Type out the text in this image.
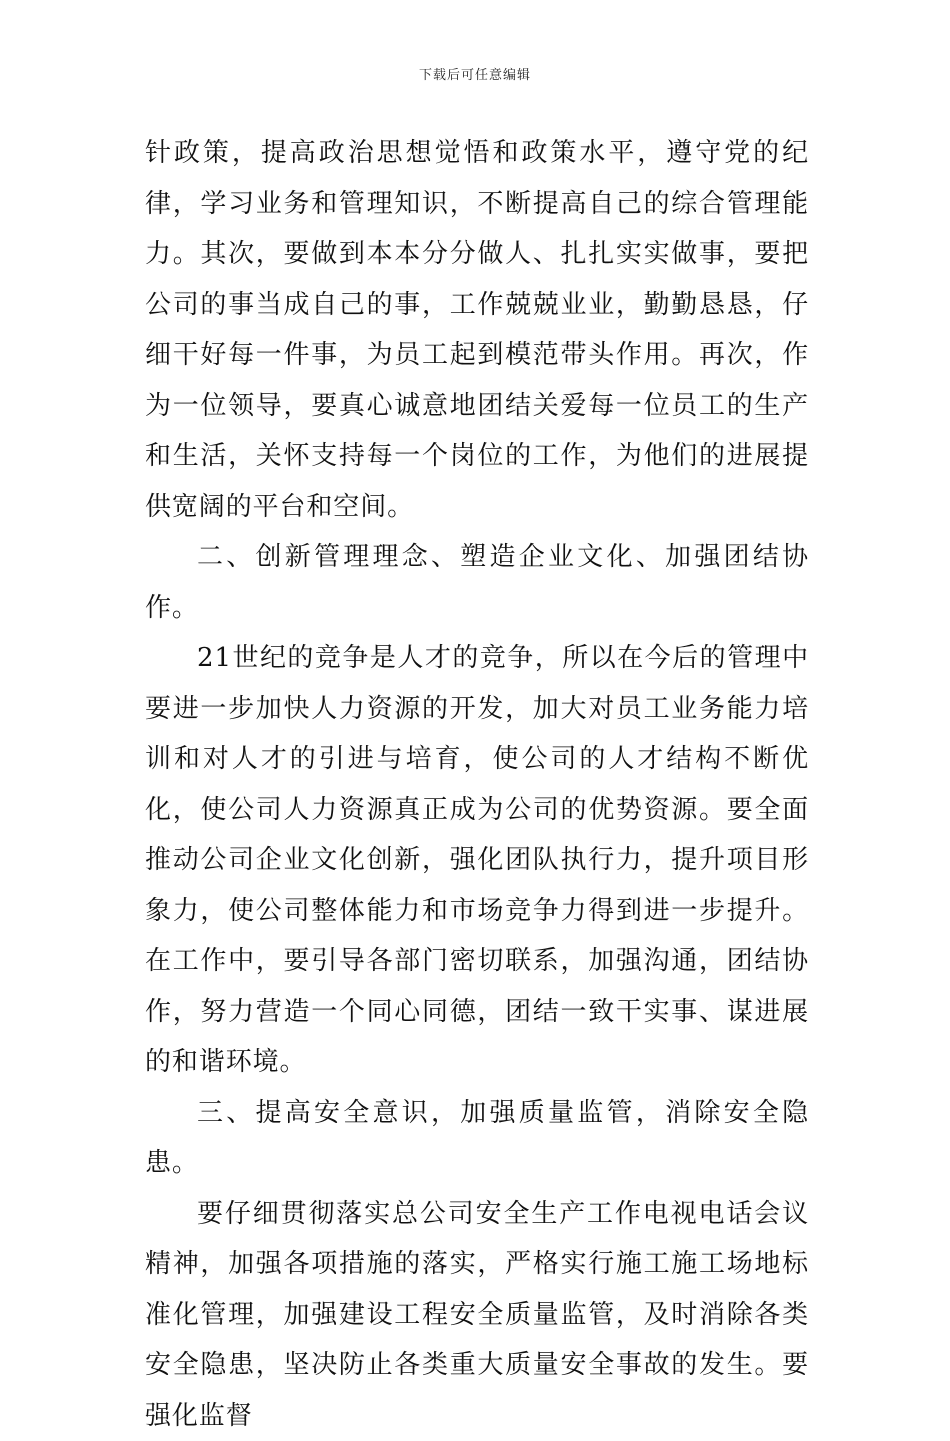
下载后可任意编辑

针政策，提高政治思想觉悟和政策水平，遵守党的纪律，学习业务和管理知识，不断提高自己的综合管理能力。其次，要做到本本分分做人、扎扎实实做事，要把公司的事当成自己的事，工作兢兢业业，勤勤恳恳，仔细干好每一件事，为员工起到模范带头作用。再次，作为一位领导，要真心诚意地团结关爱每一位员工的生产和生活，关怀支持每一个岗位的工作，为他们的进展提供宽阔的平台和空间。

二、创新管理理念、塑造企业文化、加强团结协作。

21世纪的竞争是人才的竞争，所以在今后的管理中要进一步加快人力资源的开发，加大对员工业务能力培训和对人才的引进与培育，使公司的人才结构不断优化，使公司人力资源真正成为公司的优势资源。要全面推动公司企业文化创新，强化团队执行力，提升项目形象力，使公司整体能力和市场竞争力得到进一步提升。在工作中，要引导各部门密切联系，加强沟通，团结协作，努力营造一个同心同德，团结一致干实事、谋进展的和谐环境。

三、提高安全意识，加强质量监管，消除安全隐患。

要仔细贯彻落实总公司安全生产工作电视电话会议精神，加强各项措施的落实，严格实行施工施工场地标准化管理，加强建设工程安全质量监管，及时消除各类安全隐患，坚决防止各类重大质量安全事故的发生。要强化监督
